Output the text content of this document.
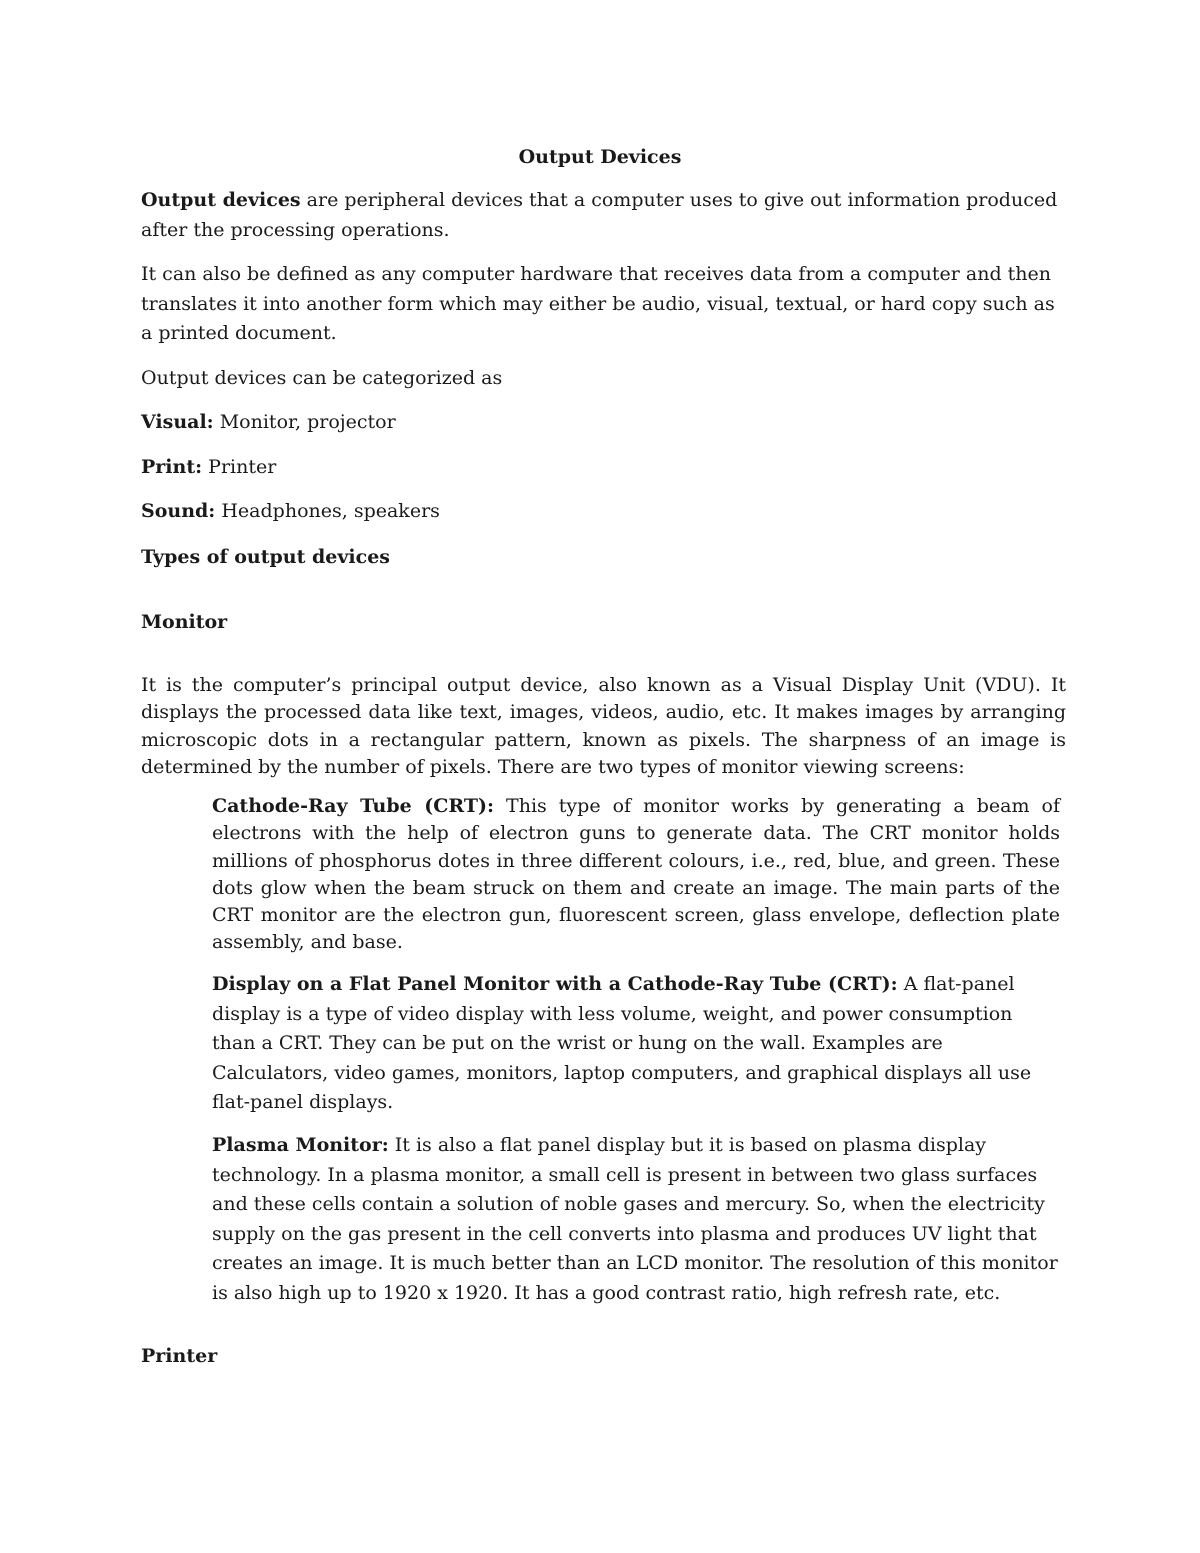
Output Devices

Output devices are peripheral devices that a computer uses to give out information produced after the processing operations.

It can also be defined as any computer hardware that receives data from a computer and then translates it into another form which may either be audio, visual, textual, or hard copy such as a printed document.

Output devices can be categorized as

Visual: Monitor, projector

Print: Printer

Sound: Headphones, speakers

Types of output devices
Monitor

It is the computer’s principal output device, also known as a Visual Display Unit (VDU). It displays the processed data like text, images, videos, audio, etc. It makes images by arranging microscopic dots in a rectangular pattern, known as pixels. The sharpness of an image is determined by the number of pixels. There are two types of monitor viewing screens:

Cathode-Ray Tube (CRT): This type of monitor works by generating a beam of electrons with the help of electron guns to generate data. The CRT monitor holds millions of phosphorus dotes in three different colours, i.e., red, blue, and green. These dots glow when the beam struck on them and create an image. The main parts of the CRT monitor are the electron gun, fluorescent screen, glass envelope, deflection plate assembly, and base.

Display on a Flat Panel Monitor with a Cathode-Ray Tube (CRT): A flat-panel display is a type of video display with less volume, weight, and power consumption than a CRT. They can be put on the wrist or hung on the wall. Examples are Calculators, video games, monitors, laptop computers, and graphical displays all use flat-panel displays.

Plasma Monitor: It is also a flat panel display but it is based on plasma display technology. In a plasma monitor, a small cell is present in between two glass surfaces and these cells contain a solution of noble gases and mercury. So, when the electricity supply on the gas present in the cell converts into plasma and produces UV light that creates an image. It is much better than an LCD monitor. The resolution of this monitor is also high up to 1920 x 1920. It has a good contrast ratio, high refresh rate, etc.

Printer
